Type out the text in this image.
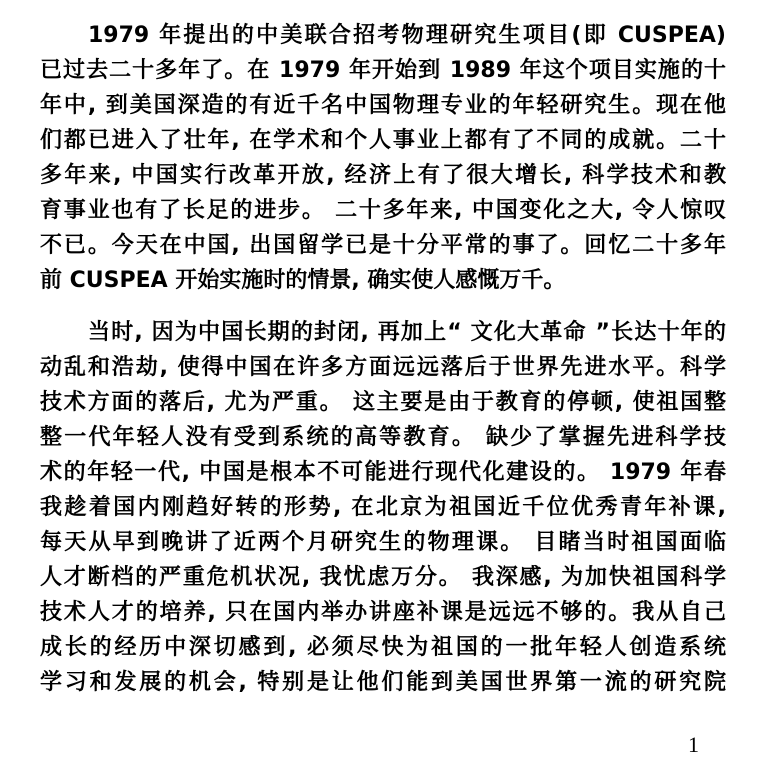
1979 年提出的中美联合招考物理研究生项目(即 CUSPEA)
已过去二十多年了。在 1979 年开始到 1989 年这个项目实施的十
年中, 到美国深造的有近千名中国物理专业的年轻研究生。现在他
们都已进入了壮年, 在学术和个人事业上都有了不同的成就。二十
多年来, 中国实行改革开放, 经济上有了很大增长, 科学技术和教
育事业也有了长足的进步。 二十多年来, 中国变化之大, 令人惊叹
不已。今天在中国, 出国留学已是十分平常的事了。回忆二十多年
前 CUSPEA 开始实施时的情景, 确实使人感慨万千。
当时, 因为中国长期的封闭, 再加上“ 文化大革命 ”长达十年的
动乱和浩劫, 使得中国在许多方面远远落后于世界先进水平。科学
技术方面的落后, 尤为严重。 这主要是由于教育的停顿, 使祖国整
整一代年轻人没有受到系统的高等教育。 缺少了掌握先进科学技
术的年轻一代, 中国是根本不可能进行现代化建设的。 1979 年春
我趁着国内刚趋好转的形势, 在北京为祖国近千位优秀青年补课,
每天从早到晚讲了近两个月研究生的物理课。 目睹当时祖国面临
人才断档的严重危机状况, 我忧虑万分。 我深感, 为加快祖国科学
技术人才的培养, 只在国内举办讲座补课是远远不够的。我从自己
成长的经历中深切感到, 必须尽快为祖国的一批年轻人创造系统
学习和发展的机会, 特别是让他们能到美国世界第一流的研究院
1
